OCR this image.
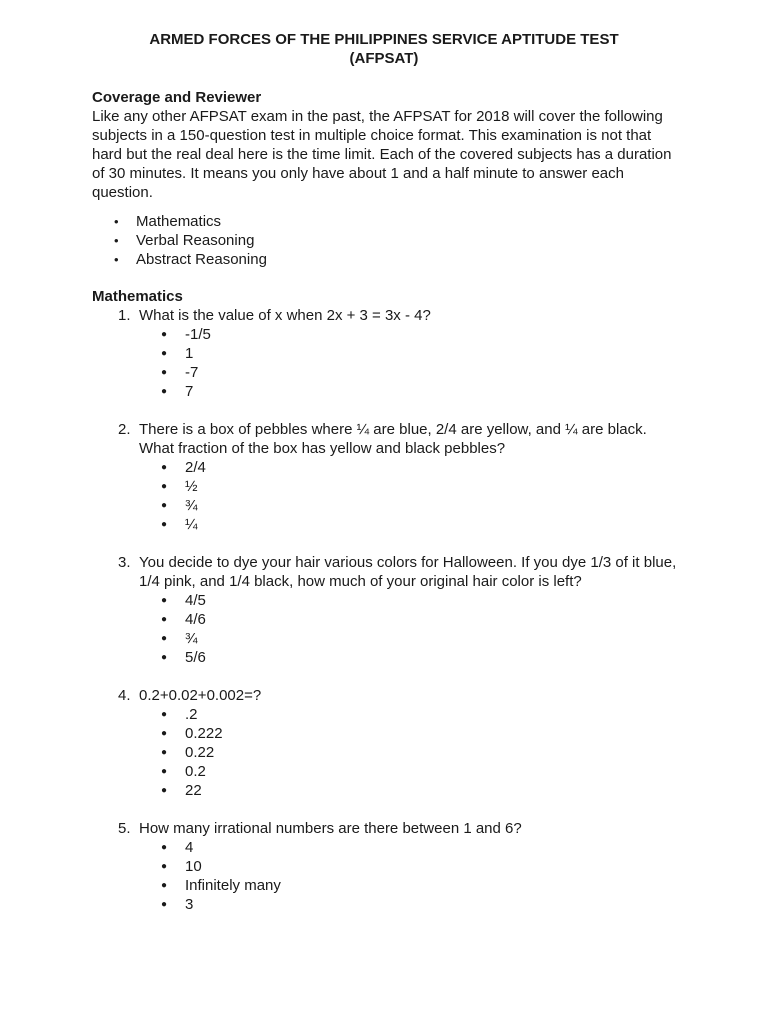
ARMED FORCES OF THE PHILIPPINES SERVICE APTITUDE TEST
(AFPSAT)

Coverage and Reviewer

Like any other AFPSAT exam in the past, the AFPSAT for 2018 will cover the following subjects in a 150-question test in multiple choice format. This examination is not that hard but the real deal here is the time limit. Each of the covered subjects has a duration of 30 minutes. It means you only have about 1 and a half minute to answer each question.

• Mathematics
• Verbal Reasoning
• Abstract Reasoning

Mathematics

1. What is the value of x when 2x + 3 = 3x - 4?
● -1/5
● 1
● -7
● 7
2. There is a box of pebbles where ¼ are blue, 2/4 are yellow, and ¼ are black. What fraction of the box has yellow and black pebbles?
● 2/4
● ½
● ¾
● ¼
3. You decide to dye your hair various colors for Halloween. If you dye 1/3 of it blue, 1/4 pink, and 1/4 black, how much of your original hair color is left?
● 4/5
● 4/6
● ¾
● 5/6
4. 0.2+0.02+0.002=?
● .2
● 0.222
● 0.22
● 0.2
● 22
5. How many irrational numbers are there between 1 and 6?
● 4
● 10
● Infinitely many
● 3
